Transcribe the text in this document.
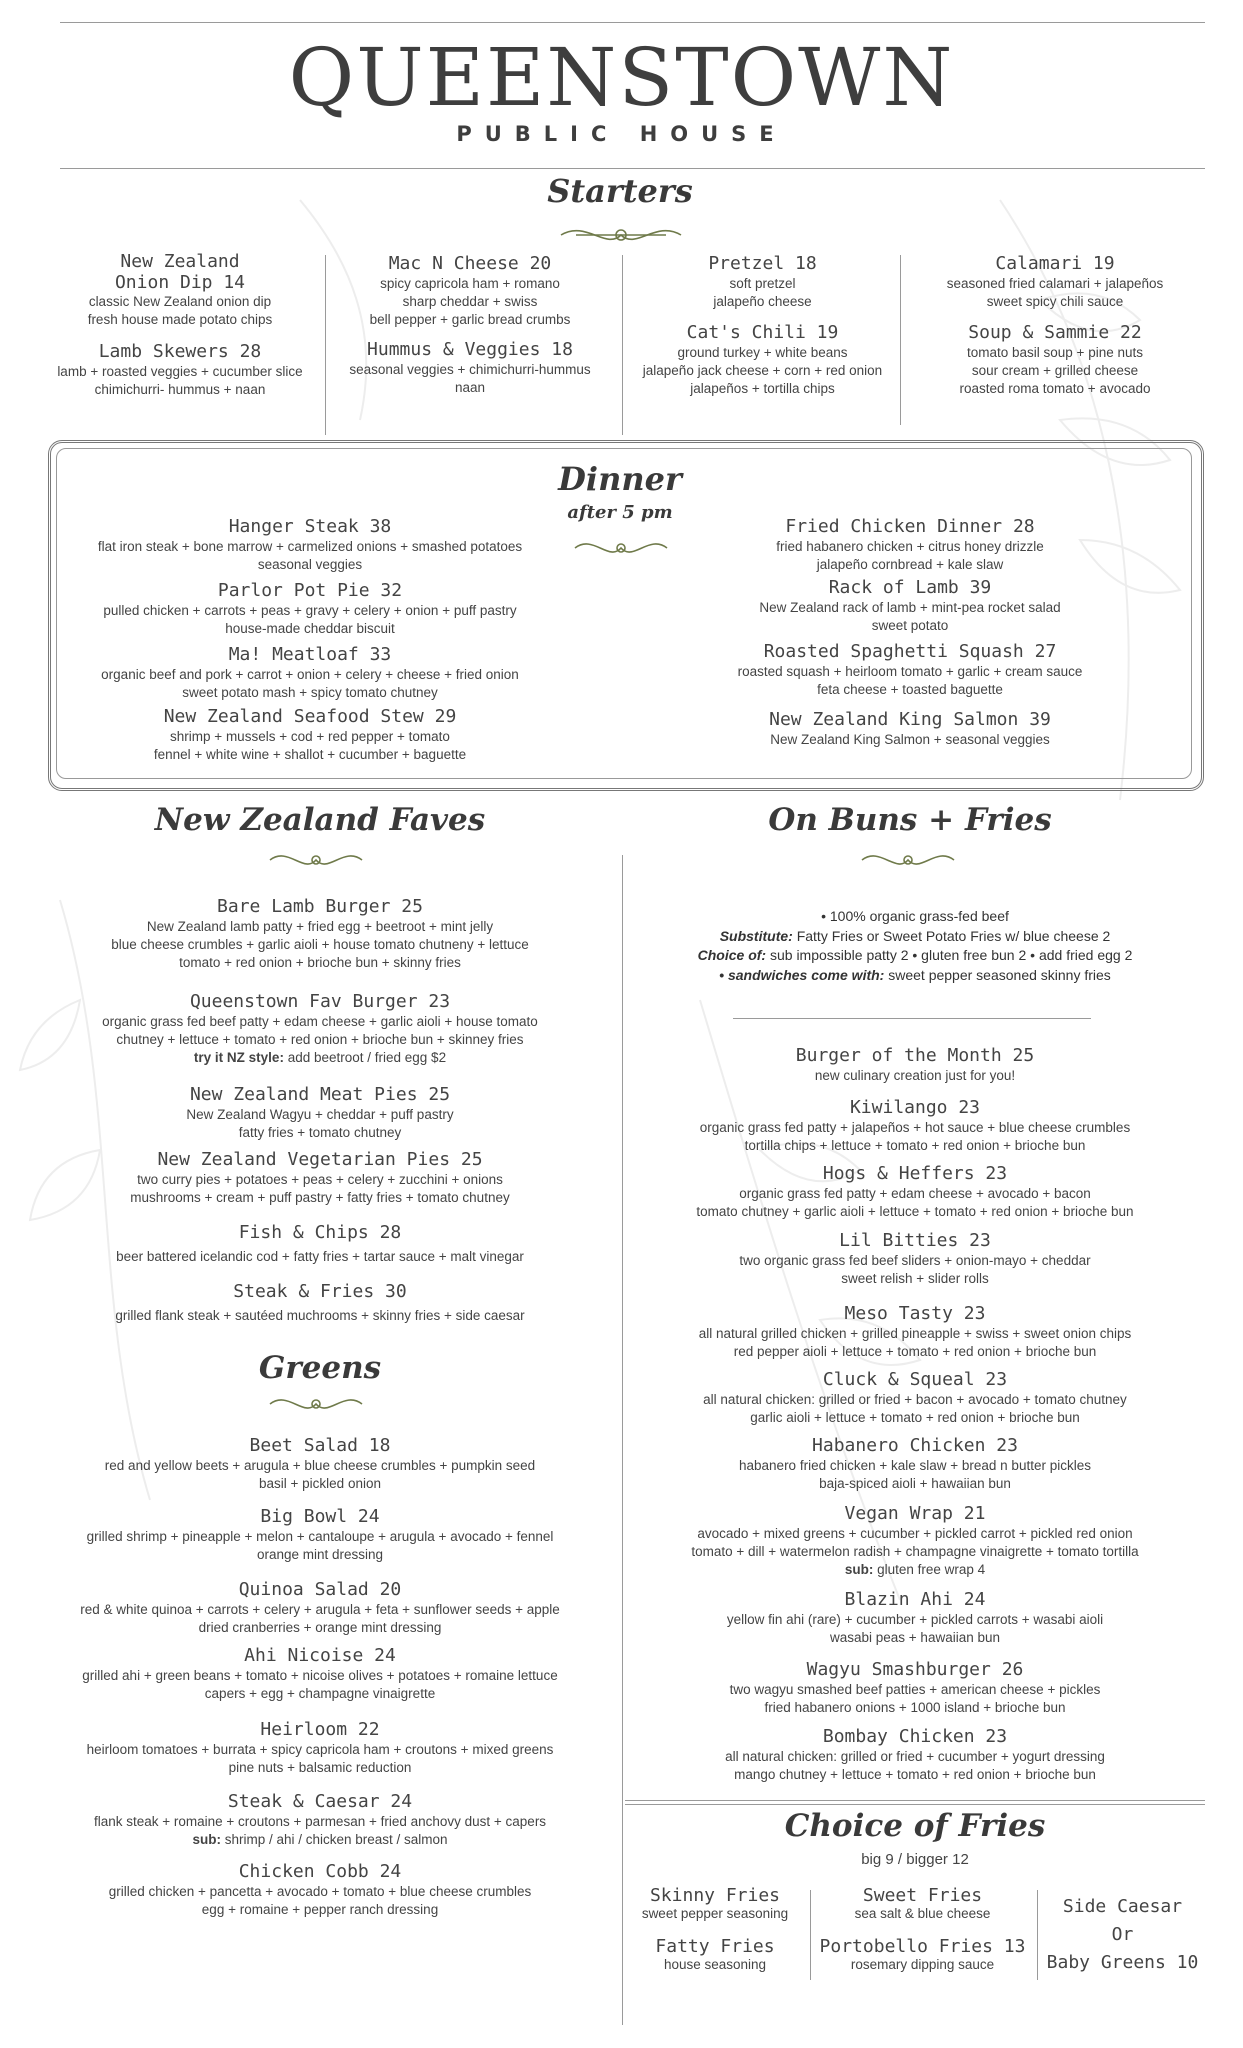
QUEENSTOWN
PUBLIC HOUSE
Starters
New Zealand
Onion Dip 14
classic New Zealand onion dip
fresh house made potato chips
Lamb Skewers 28
lamb + roasted veggies + cucumber slice
chimichurri- hummus + naan
Mac N Cheese 20
spicy capricola ham + romano
sharp cheddar + swiss
bell pepper + garlic bread crumbs
Hummus & Veggies 18
seasonal veggies + chimichurri-hummus
naan
Pretzel 18
soft pretzel
jalapeño cheese
Cat's Chili 19
ground turkey + white beans
jalapeño jack cheese + corn + red onion
jalapeños + tortilla chips
Calamari 19
seasoned fried calamari + jalapeños
sweet spicy chili sauce
Soup & Sammie 22
tomato basil soup + pine nuts
sour cream + grilled cheese
roasted roma tomato + avocado
Dinner
after 5 pm
Hanger Steak 38
flat iron steak + bone marrow + carmelized onions + smashed potatoes
seasonal veggies
Parlor Pot Pie 32
pulled chicken + carrots + peas + gravy + celery + onion + puff pastry
house-made cheddar biscuit
Ma! Meatloaf 33
organic beef and pork + carrot + onion + celery + cheese + fried onion
sweet potato mash + spicy tomato chutney
New Zealand Seafood Stew 29
shrimp + mussels + cod + red pepper + tomato
fennel + white wine + shallot + cucumber + baguette
Fried Chicken Dinner 28
fried habanero chicken + citrus honey drizzle
jalapeño cornbread + kale slaw
Rack of Lamb 39
New Zealand rack of lamb + mint-pea rocket salad
sweet potato
Roasted Spaghetti Squash 27
roasted squash + heirloom tomato + garlic + cream sauce
feta cheese + toasted baguette
New Zealand King Salmon 39
New Zealand King Salmon + seasonal veggies
New Zealand Faves
Bare Lamb Burger 25
New Zealand lamb patty + fried egg + beetroot + mint jelly
blue cheese crumbles + garlic aioli + house tomato chutneny + lettuce
tomato + red onion + brioche bun + skinny fries
Queenstown Fav Burger 23
organic grass fed beef patty + edam cheese + garlic aioli + house tomato
chutney + lettuce + tomato + red onion + brioche bun + skinney fries
try it NZ style: add beetroot / fried egg $2
New Zealand Meat Pies 25
New Zealand Wagyu + cheddar + puff pastry
fatty fries + tomato chutney
New Zealand Vegetarian Pies 25
two curry pies + potatoes + peas + celery + zucchini + onions
mushrooms + cream + puff pastry + fatty fries + tomato chutney
Fish & Chips 28
beer battered icelandic cod + fatty fries + tartar sauce + malt vinegar
Steak & Fries 30
grilled flank steak + sautéed muchrooms + skinny fries + side caesar
Greens
Beet Salad 18
red and yellow beets + arugula + blue cheese crumbles + pumpkin seed
basil + pickled onion
Big Bowl 24
grilled shrimp + pineapple + melon + cantaloupe + arugula + avocado + fennel
orange mint dressing
Quinoa Salad 20
red & white quinoa + carrots + celery + arugula + feta + sunflower seeds + apple
dried cranberries + orange mint dressing
Ahi Nicoise 24
grilled ahi + green beans + tomato + nicoise olives + potatoes + romaine lettuce
capers + egg + champagne vinaigrette
Heirloom 22
heirloom tomatoes + burrata + spicy capricola ham + croutons + mixed greens
pine nuts + balsamic reduction
Steak & Caesar 24
flank steak + romaine + croutons + parmesan + fried anchovy dust + capers
sub: shrimp / ahi / chicken breast / salmon
Chicken Cobb 24
grilled chicken + pancetta + avocado + tomato + blue cheese crumbles
egg + romaine + pepper ranch dressing
On Buns + Fries
• 100% organic grass-fed beef
Substitute: Fatty Fries or Sweet Potato Fries w/ blue cheese 2
Choice of: sub impossible patty 2 • gluten free bun 2 • add fried egg 2
• sandwiches come with: sweet pepper seasoned skinny fries
Burger of the Month 25
new culinary creation just for you!
Kiwilango 23
organic grass fed patty + jalapeños + hot sauce + blue cheese crumbles
tortilla chips + lettuce + tomato + red onion + brioche bun
Hogs & Heffers 23
organic grass fed patty + edam cheese + avocado + bacon
tomato chutney + garlic aioli + lettuce + tomato + red onion + brioche bun
Lil Bitties 23
two organic grass fed beef sliders + onion-mayo + cheddar
sweet relish + slider rolls
Meso Tasty 23
all natural grilled chicken + grilled pineapple + swiss + sweet onion chips
red pepper aioli + lettuce + tomato + red onion + brioche bun
Cluck & Squeal 23
all natural chicken: grilled or fried + bacon + avocado + tomato chutney
garlic aioli + lettuce + tomato + red onion + brioche bun
Habanero Chicken 23
habanero fried chicken + kale slaw + bread n butter pickles
baja-spiced aioli + hawaiian bun
Vegan Wrap 21
avocado + mixed greens + cucumber + pickled carrot + pickled red onion
tomato + dill + watermelon radish + champagne vinaigrette + tomato tortilla
sub: gluten free wrap 4
Blazin Ahi 24
yellow fin ahi (rare) + cucumber + pickled carrots + wasabi aioli
wasabi peas + hawaiian bun
Wagyu Smashburger 26
two wagyu smashed beef patties + american cheese + pickles
fried habanero onions + 1000 island + brioche bun
Bombay Chicken 23
all natural chicken: grilled or fried + cucumber + yogurt dressing
mango chutney + lettuce + tomato + red onion + brioche bun
Choice of Fries
big 9 / bigger 12
Skinny Fries
sweet pepper seasoning
Fatty Fries
house seasoning
Sweet Fries
sea salt & blue cheese
Portobello Fries 13
rosemary dipping sauce
Side Caesar
Or
Baby Greens 10
